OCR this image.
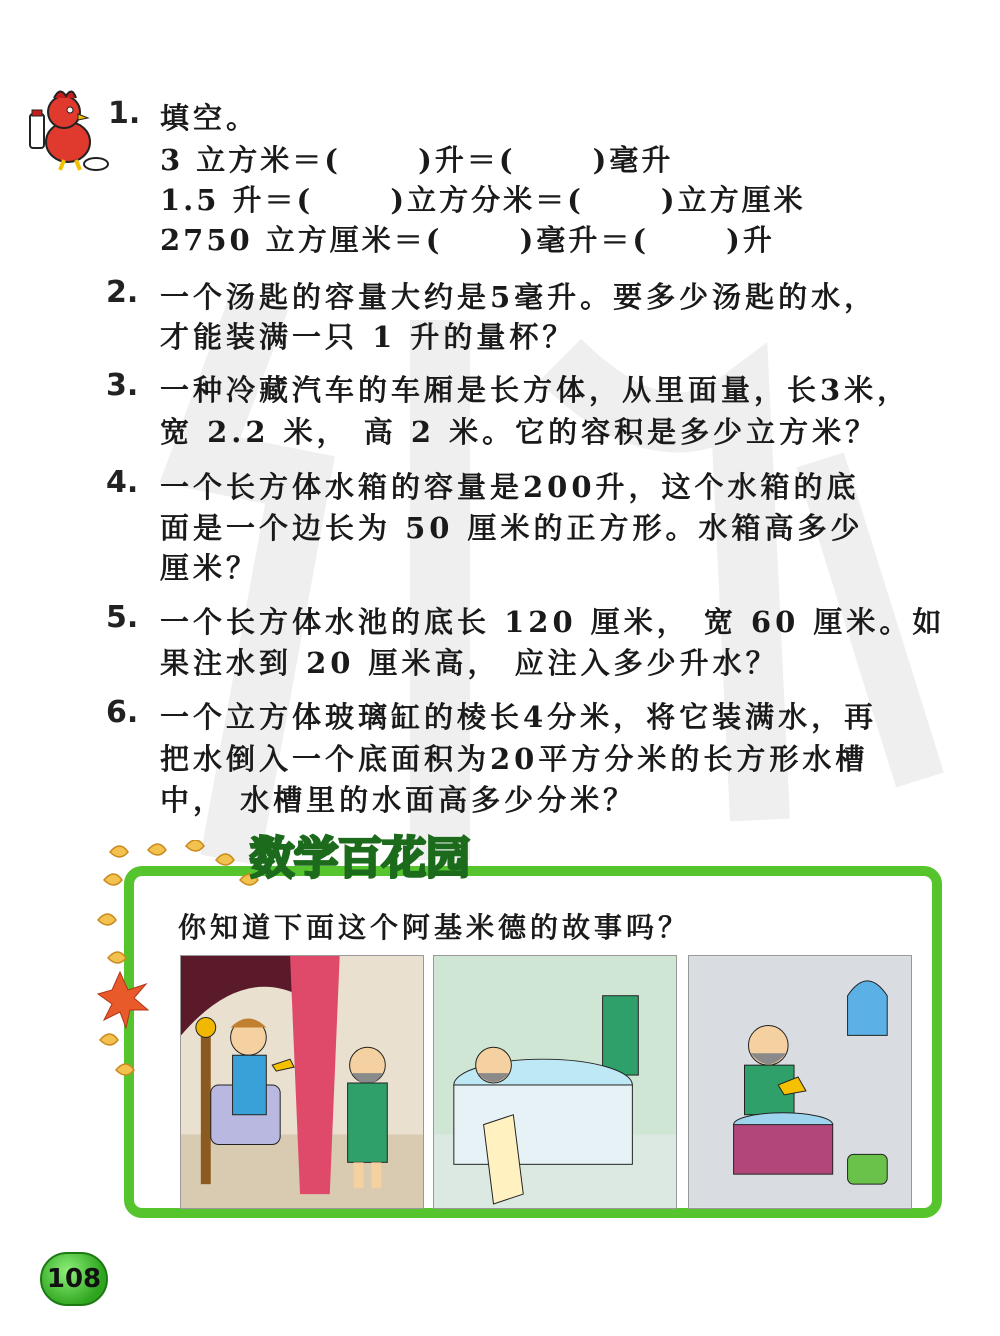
1. 填空。
3 立方米＝(　　 )升＝(　　 )毫升
1.5 升＝(　　 )立方分米＝(　　 )立方厘米
2750 立方厘米＝(　　 )毫升＝(　　 )升
2. 一个汤匙的容量大约是5毫升。要多少汤匙的水，
才能装满一只 1 升的量杯？
3. 一种冷藏汽车的车厢是长方体，从里面量，长3米，
宽 2.2 米， 高 2 米。它的容积是多少立方米？
4. 一个长方体水箱的容量是200升，这个水箱的底
面是一个边长为 50 厘米的正方形。水箱高多少
厘米？
5. 一个长方体水池的底长 120 厘米， 宽 60 厘米。如
果注水到 20 厘米高， 应注入多少升水？
6. 一个立方体玻璃缸的棱长4分米，将它装满水，再
把水倒入一个底面积为20平方分米的长方形水槽
中， 水槽里的水面高多少分米？
数学百花园
你知道下面这个阿基米德的故事吗？
108
